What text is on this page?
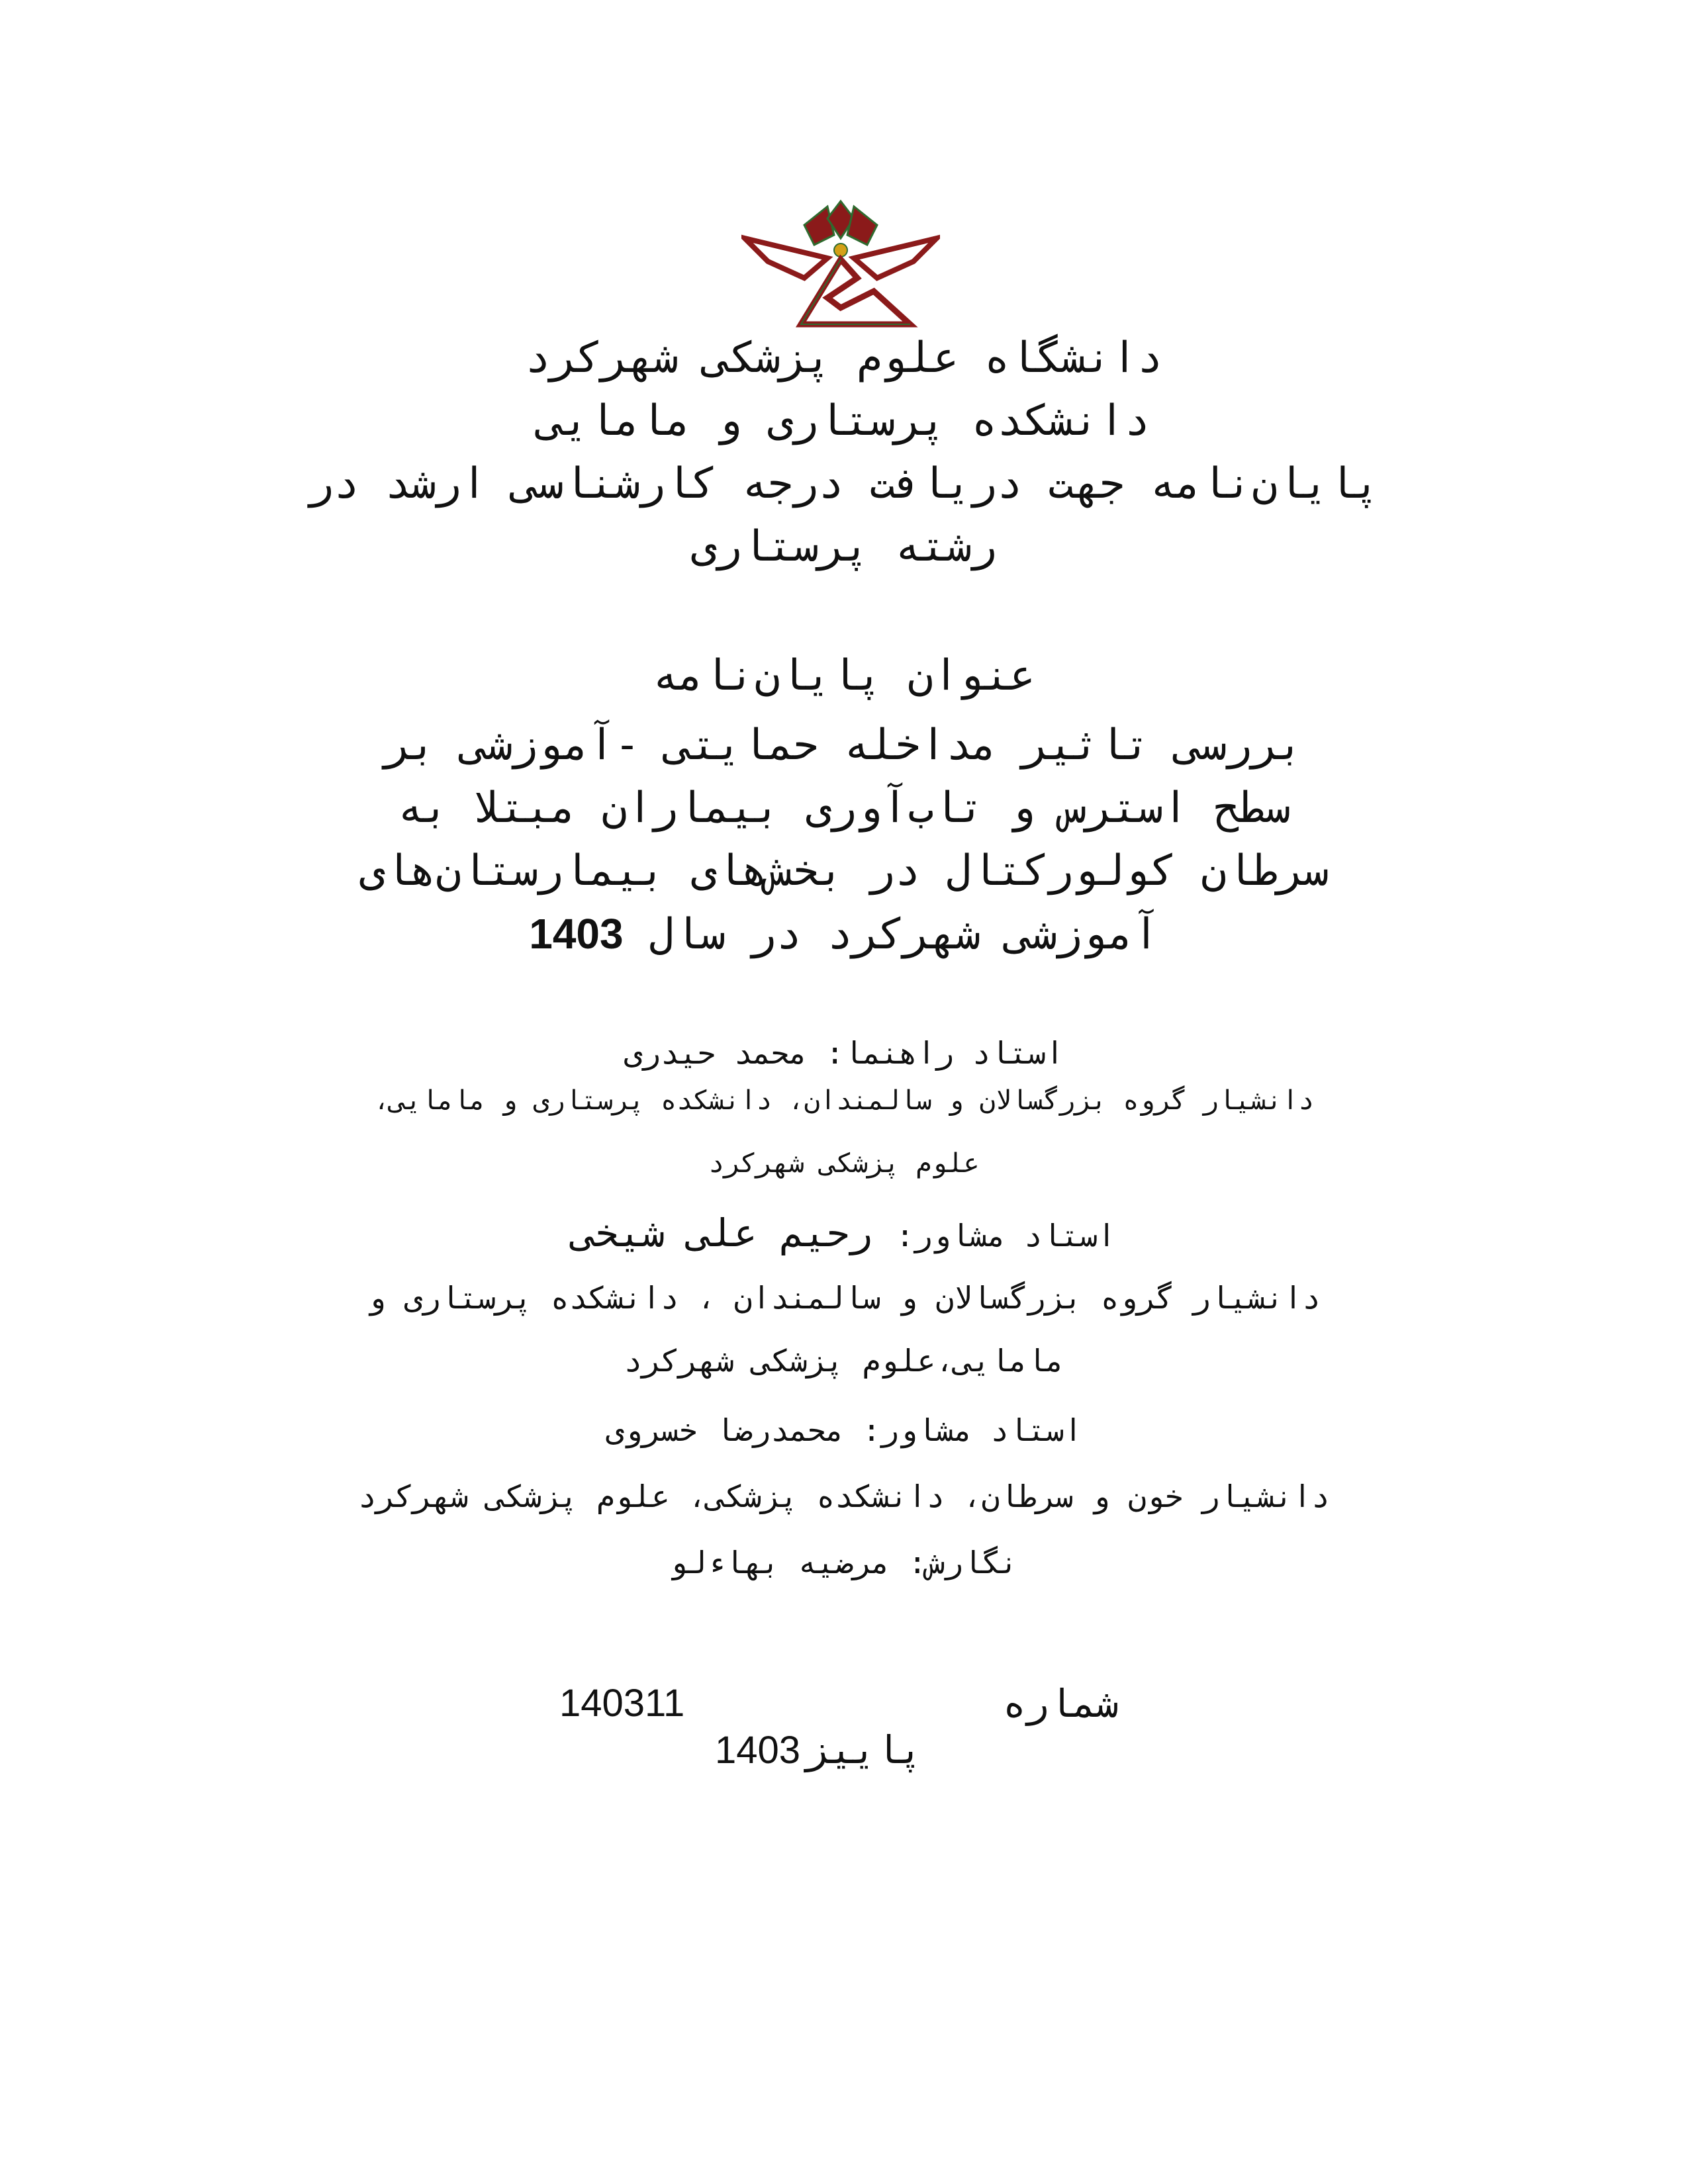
دانشگاه علوم پزشکی شهرکرد
دانشکده پرستاری و مامایی
پایان‌نامه جهت دریافت درجه کارشناسی ارشد در
رشته پرستاری
عنوان پایان‌نامه
بررسی تاثیر مداخله حمایتی -آموزشی بر
سطح استرس و تاب‌آوری بیماران مبتلا به
سرطان کولورکتال در بخش‌های بیمارستان‌های
آموزشی شهرکرد در سال 1403
استاد راهنما: محمد حیدری
دانشیار گروه بزرگسالان و سالمندان، دانشکده پرستاری و مامایی،
علوم پزشکی شهرکرد
استاد مشاور: رحیم علی شیخی
دانشیار گروه بزرگسالان و سالمندان ، دانشکده پرستاری و
مامایی،علوم پزشکی شهرکرد
استاد مشاور: محمدرضا خسروی
دانشیار خون و سرطان، دانشکده پزشکی، علوم پزشکی شهرکرد
نگارش: مرضیه بهاءلو
شماره
140311
پاییز 1403
